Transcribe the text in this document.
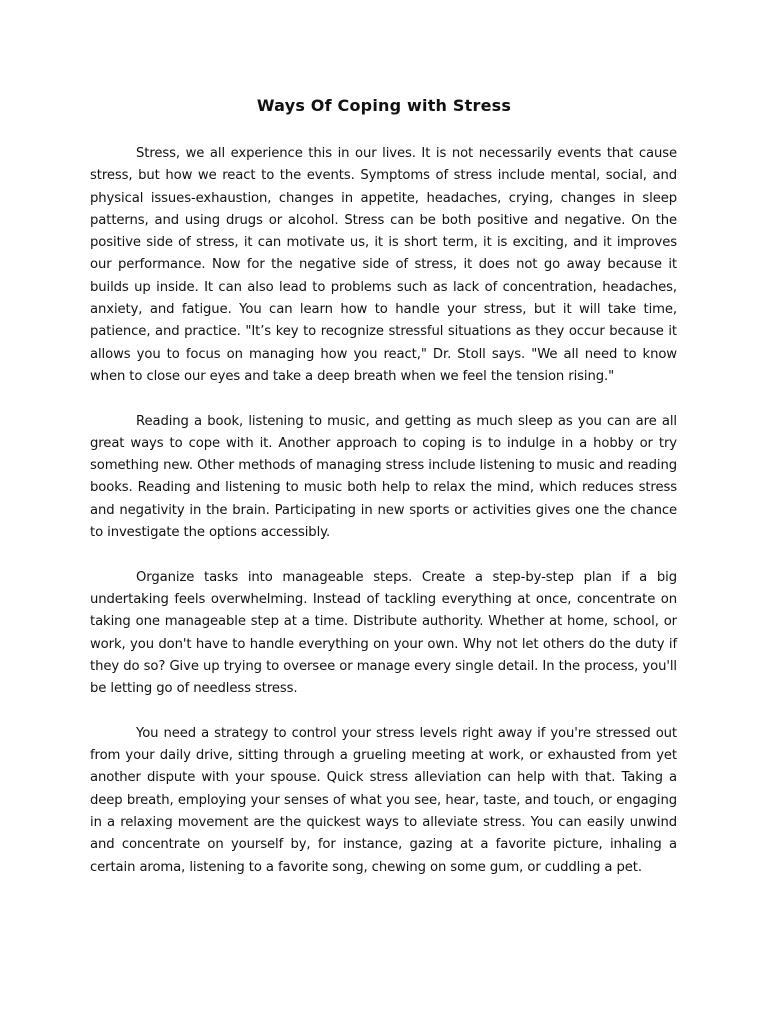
Ways Of Coping with Stress

Stress, we all experience this in our lives. It is not necessarily events that cause stress, but how we react to the events. Symptoms of stress include mental, social, and physical issues-exhaustion, changes in appetite, headaches, crying, changes in sleep patterns, and using drugs or alcohol. Stress can be both positive and negative. On the positive side of stress, it can motivate us, it is short term, it is exciting, and it improves our performance. Now for the negative side of stress, it does not go away because it builds up inside. It can also lead to problems such as lack of concentration, headaches, anxiety, and fatigue. You can learn how to handle your stress, but it will take time, patience, and practice. "It’s key to recognize stressful situations as they occur because it allows you to focus on managing how you react," Dr. Stoll says. "We all need to know when to close our eyes and take a deep breath when we feel the tension rising."

Reading a book, listening to music, and getting as much sleep as you can are all great ways to cope with it. Another approach to coping is to indulge in a hobby or try something new. Other methods of managing stress include listening to music and reading books. Reading and listening to music both help to relax the mind, which reduces stress and negativity in the brain. Participating in new sports or activities gives one the chance to investigate the options accessibly.

Organize tasks into manageable steps. Create a step-by-step plan if a big undertaking feels overwhelming. Instead of tackling everything at once, concentrate on taking one manageable step at a time. Distribute authority. Whether at home, school, or work, you don't have to handle everything on your own. Why not let others do the duty if they do so? Give up trying to oversee or manage every single detail. In the process, you'll be letting go of needless stress.

You need a strategy to control your stress levels right away if you're stressed out from your daily drive, sitting through a grueling meeting at work, or exhausted from yet another dispute with your spouse. Quick stress alleviation can help with that. Taking a deep breath, employing your senses of what you see, hear, taste, and touch, or engaging in a relaxing movement are the quickest ways to alleviate stress. You can easily unwind and concentrate on yourself by, for instance, gazing at a favorite picture, inhaling a certain aroma, listening to a favorite song, chewing on some gum, or cuddling a pet.
